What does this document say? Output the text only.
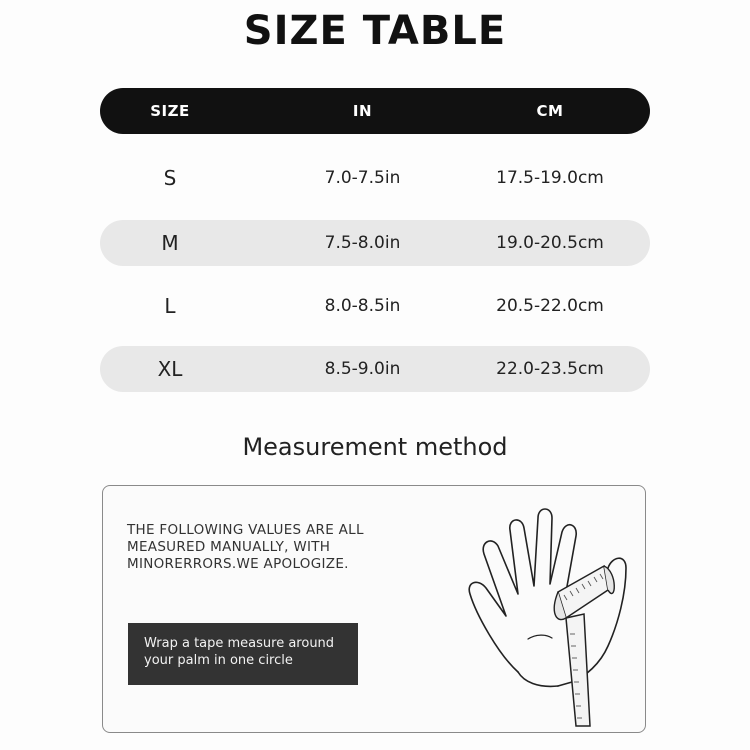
SIZE TABLE
SIZE	IN	CM
S	7.0-7.5in	17.5-19.0cm
M	7.5-8.0in	19.0-20.5cm
L	8.0-8.5in	20.5-22.0cm
XL	8.5-9.0in	22.0-23.5cm
Measurement method
THE FOLLOWING VALUES ARE ALL
MEASURED MANUALLY, WITH
MINORERRORS.WE APOLOGIZE.
Wrap a tape measure around
your palm in one circle
